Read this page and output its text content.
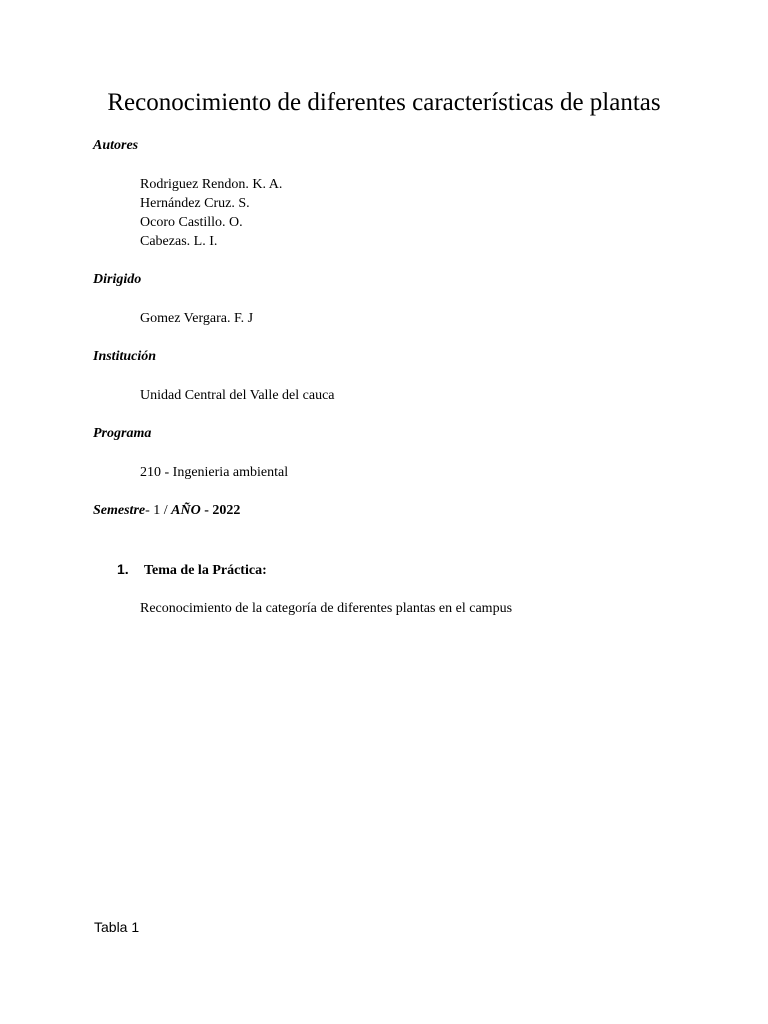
Reconocimiento de diferentes características de plantas
Autores
Rodriguez Rendon. K. A.
Hernández Cruz. S.
Ocoro Castillo. O.
Cabezas. L. I.
Dirigido
Gomez Vergara. F. J
Institución
Unidad Central del Valle del cauca
Programa
210 - Ingenieria ambiental
Semestre- 1 / AÑO - 2022
1. Tema de la Práctica:
Reconocimiento de la categoría de diferentes plantas en el campus
Tabla 1
